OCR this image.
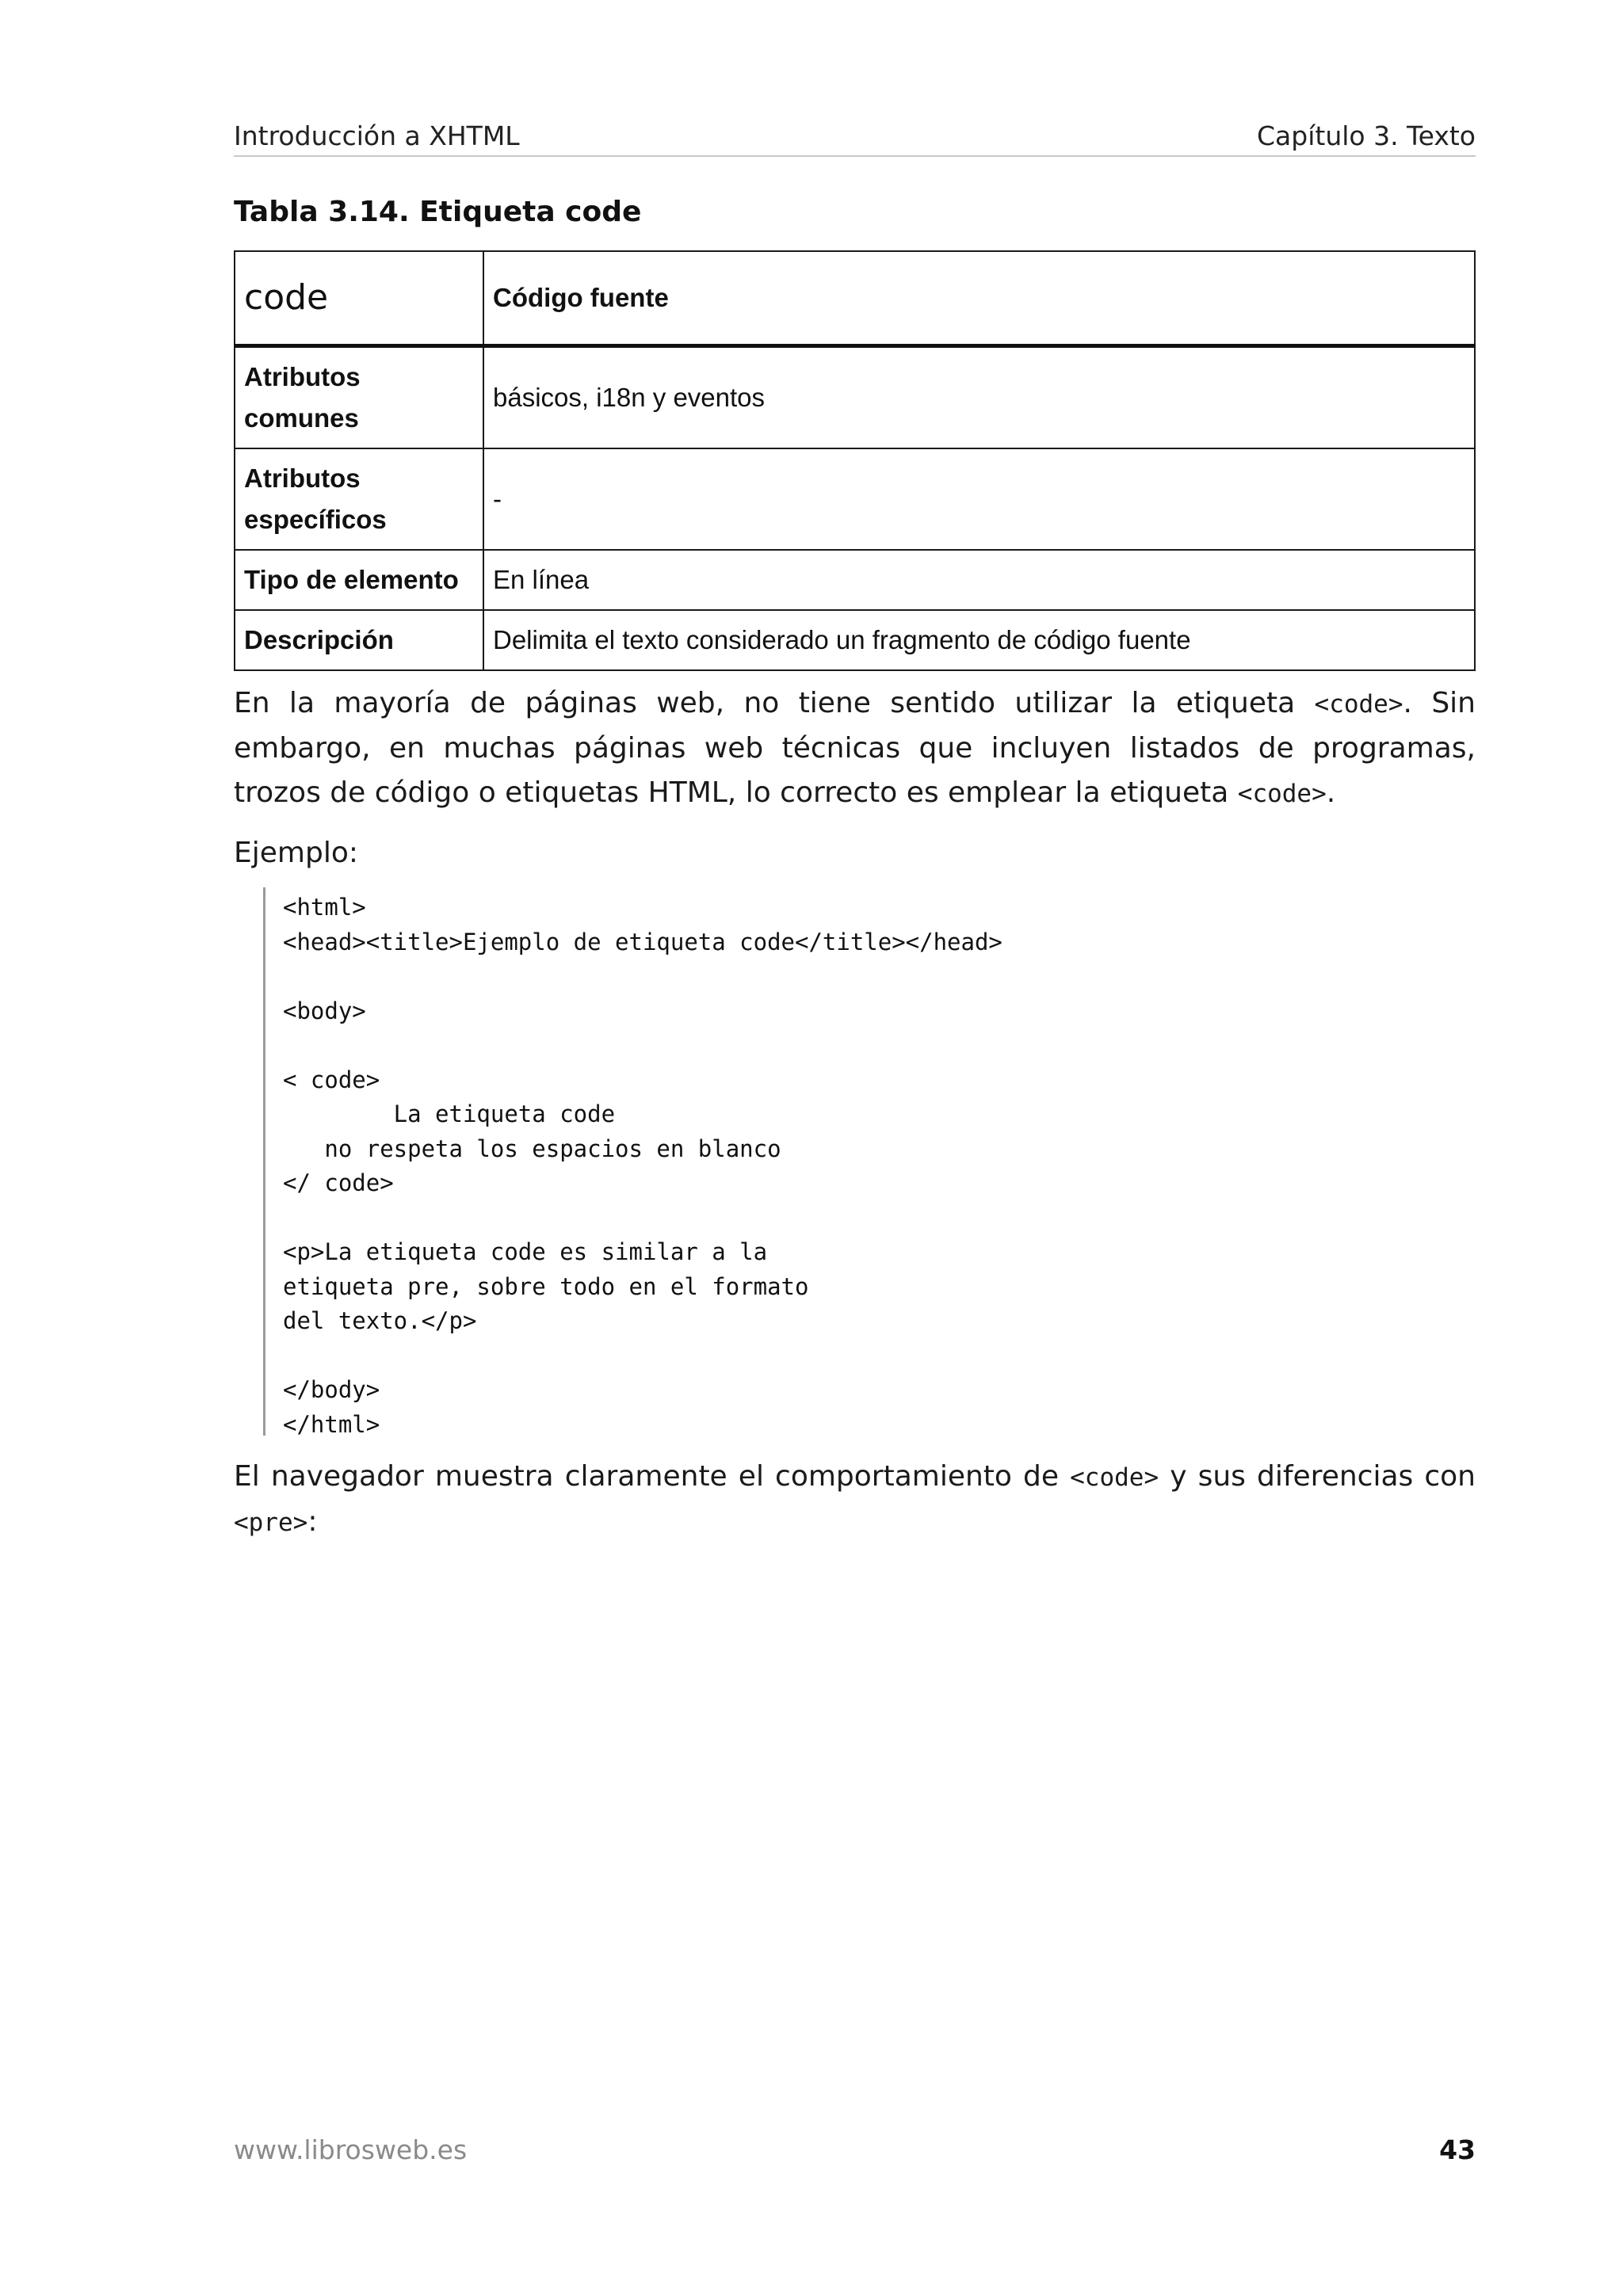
Introducción a XHTML	Capítulo 3. Texto
Tabla 3.14. Etiqueta code
code	Código fuente
Atributos comunes	básicos, i18n y eventos
Atributos específicos	-
Tipo de elemento	En línea
Descripción	Delimita el texto considerado un fragmento de código fuente
En la mayoría de páginas web, no tiene sentido utilizar la etiqueta <code>. Sin embargo, en muchas páginas web técnicas que incluyen listados de programas, trozos de código o etiquetas HTML, lo correcto es emplear la etiqueta <code>.
Ejemplo:
<html>
<head><title>Ejemplo de etiqueta code</title></head>

<body>

< code>
La etiqueta code
no respeta los espacios en blanco
</ code>

<p>La etiqueta code es similar a la
etiqueta pre, sobre todo en el formato
del texto.</p>

</body>
</html>
El navegador muestra claramente el comportamiento de <code> y sus diferencias con <pre>:
www.librosweb.es	43
